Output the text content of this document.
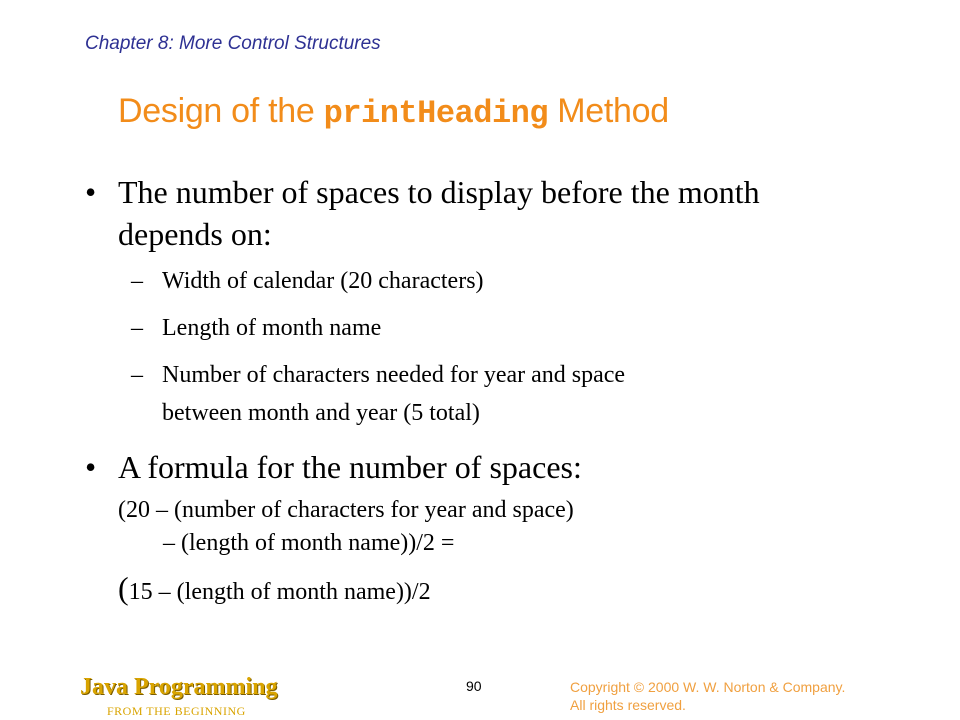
Chapter 8: More Control Structures
Design of the printHeading Method
• The number of spaces to display before the month
depends on:
– Width of calendar (20 characters)
– Length of month name
– Number of characters needed for year and space
between month and year (5 total)
• A formula for the number of spaces:
(20 – (number of characters for year and space)
– (length of month name))/2 =
(15 – (length of month name))/2
Java Programming
FROM THE BEGINNING
90	Copyright © 2000 W. W. Norton & Company.
All rights reserved.
